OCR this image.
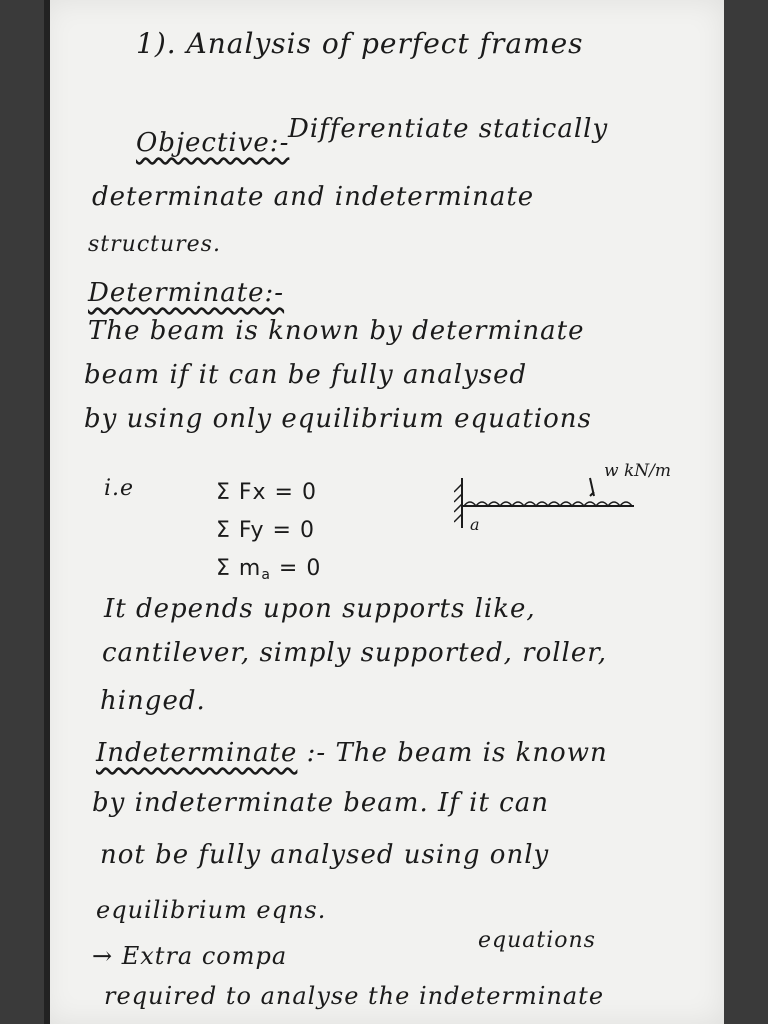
1). Analysis of perfect frames
Objective:-
Differentiate statically
determinate and indeterminate
structures.
Determinate:-
The beam is known by determinate
beam if it can be fully analysed
by using only equilibrium equations
i.e	Σ Fx = 0
Σ Fy = 0
Σ $m_a = 0$
It depends upon supports like,
cantilever, simply supported, roller,
hinged.
Indeterminate :- The beam is known
by indeterminate beam. If it can
not be fully analysed using only
equilibrium eqns.
→ Extra compa
equations
required to analyse the indeterminate
a
w kN/m
